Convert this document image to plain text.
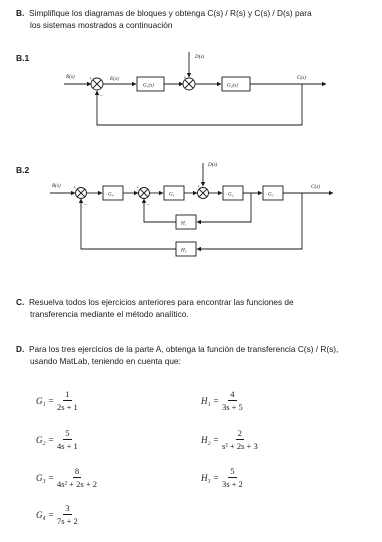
B. Simplifique los diagramas de bloques y obtenga C(s) / R(s) y C(s) / D(s) para
los sistemas mostrados a continuación
B.1
R(s)	E(s)
G₁(s)	G₂(s)
D(s)
C(s)
+
−
+
B.2
R(s)
G₄	G₁	G₂	G₃
H₁
H₂
D(s)
C(s)
+
−
+
−
+
C. Resuelva todos los ejercicios anteriores para encontrar las funciones de
transferencia mediante el método analítico.
D. Para los tres ejercicios de la parte A, obtenga la función de transferencia C(s) / R(s),
usando MatLab, teniendo en cuenta que:
$G_1 = \frac{1}{2s + 1}$
$G_2 = \frac{5}{4s + 1}$
$G_3 = \frac{8}{\text{4s² + 2s + 2}}$
$G_4 = \frac{3}{7s + 2}$
$H_1 = \frac{4}{3s + 5}$
$H_2 = \frac{2}{\text{s² + 2s + 3}}$
$H_3 = \frac{5}{3s + 2}$
